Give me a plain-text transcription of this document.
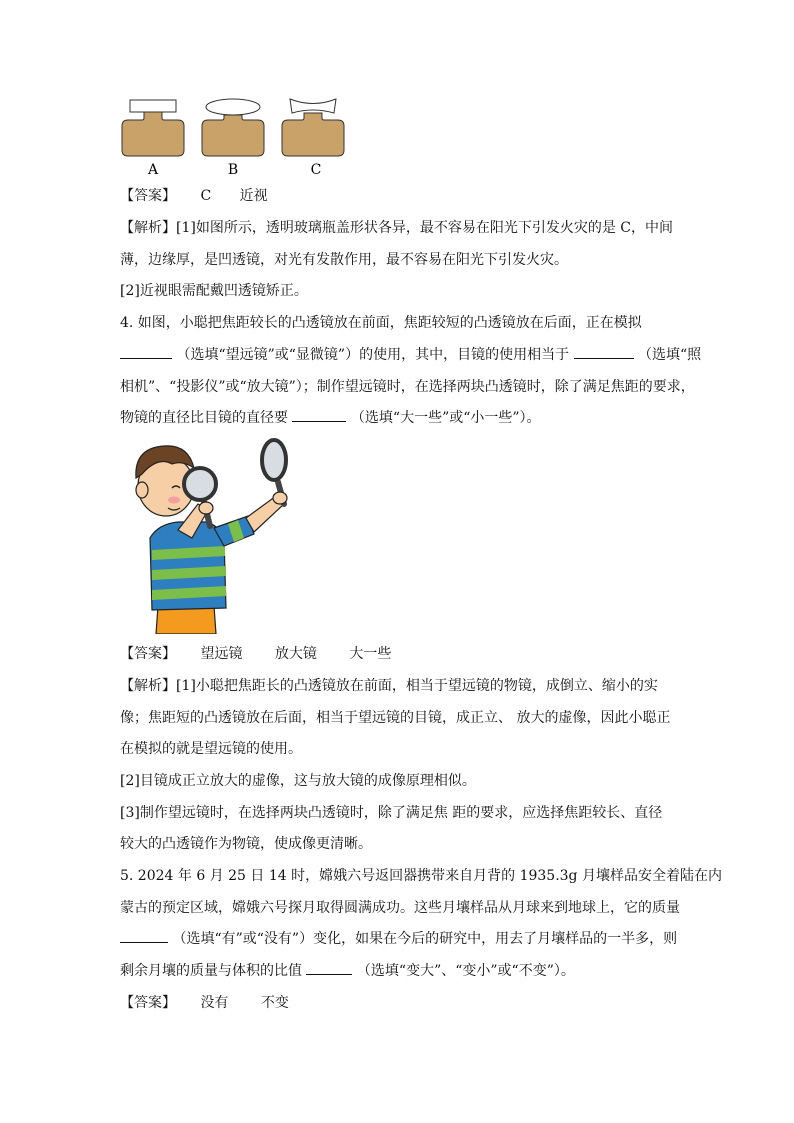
A	B	C
【答案】 C 近视
【解析】[1]如图所示，透明玻璃瓶盖形状各异，最不容易在阳光下引发火灾的是 C，中间
薄，边缘厚，是凹透镜，对光有发散作用，最不容易在阳光下引发火灾。
[2]近视眼需配戴凹透镜矫正。
4. 如图，小聪把焦距较长的凸透镜放在前面，焦距较短的凸透镜放在后面，正在模拟
（选填“望远镜”或“显微镜”）的使用，其中，目镜的使用相当于	（选填“照
相机”、“投影仪”或“放大镜”）；制作望远镜时，在选择两块凸透镜时，除了满足焦距的要求，
物镜的直径比目镜的直径要	（选填“大一些”或“小一些”）。
【答案】 望远镜 放大镜 大一些
【解析】[1]小聪把焦距长的凸透镜放在前面，相当于望远镜的物镜，成倒立、缩小的实
像；焦距短的凸透镜放在后面，相当于望远镜的目镜，成正立、 放大的虚像，因此小聪正
在模拟的就是望远镜的使用。
[2]目镜成正立放大的虚像，这与放大镜的成像原理相似。
[3]制作望远镜时，在选择两块凸透镜时，除了满足焦 距的要求，应选择焦距较长、直径
较大的凸透镜作为物镜，使成像更清晰。
5. 2024 年 6 月 25 日 14 时，嫦娥六号返回器携带来自月背的 1935.3g 月壤样品安全着陆在内
蒙古的预定区域，嫦娥六号探月取得圆满成功。这些月壤样品从月球来到地球上，它的质量
（选填“有”或“没有”）变化，如果在今后的研究中，用去了月壤样品的一半多，则
剩余月壤的质量与体积的比值	（选填“变大”、“变小”或“不变”）。
【答案】 没有 不变
